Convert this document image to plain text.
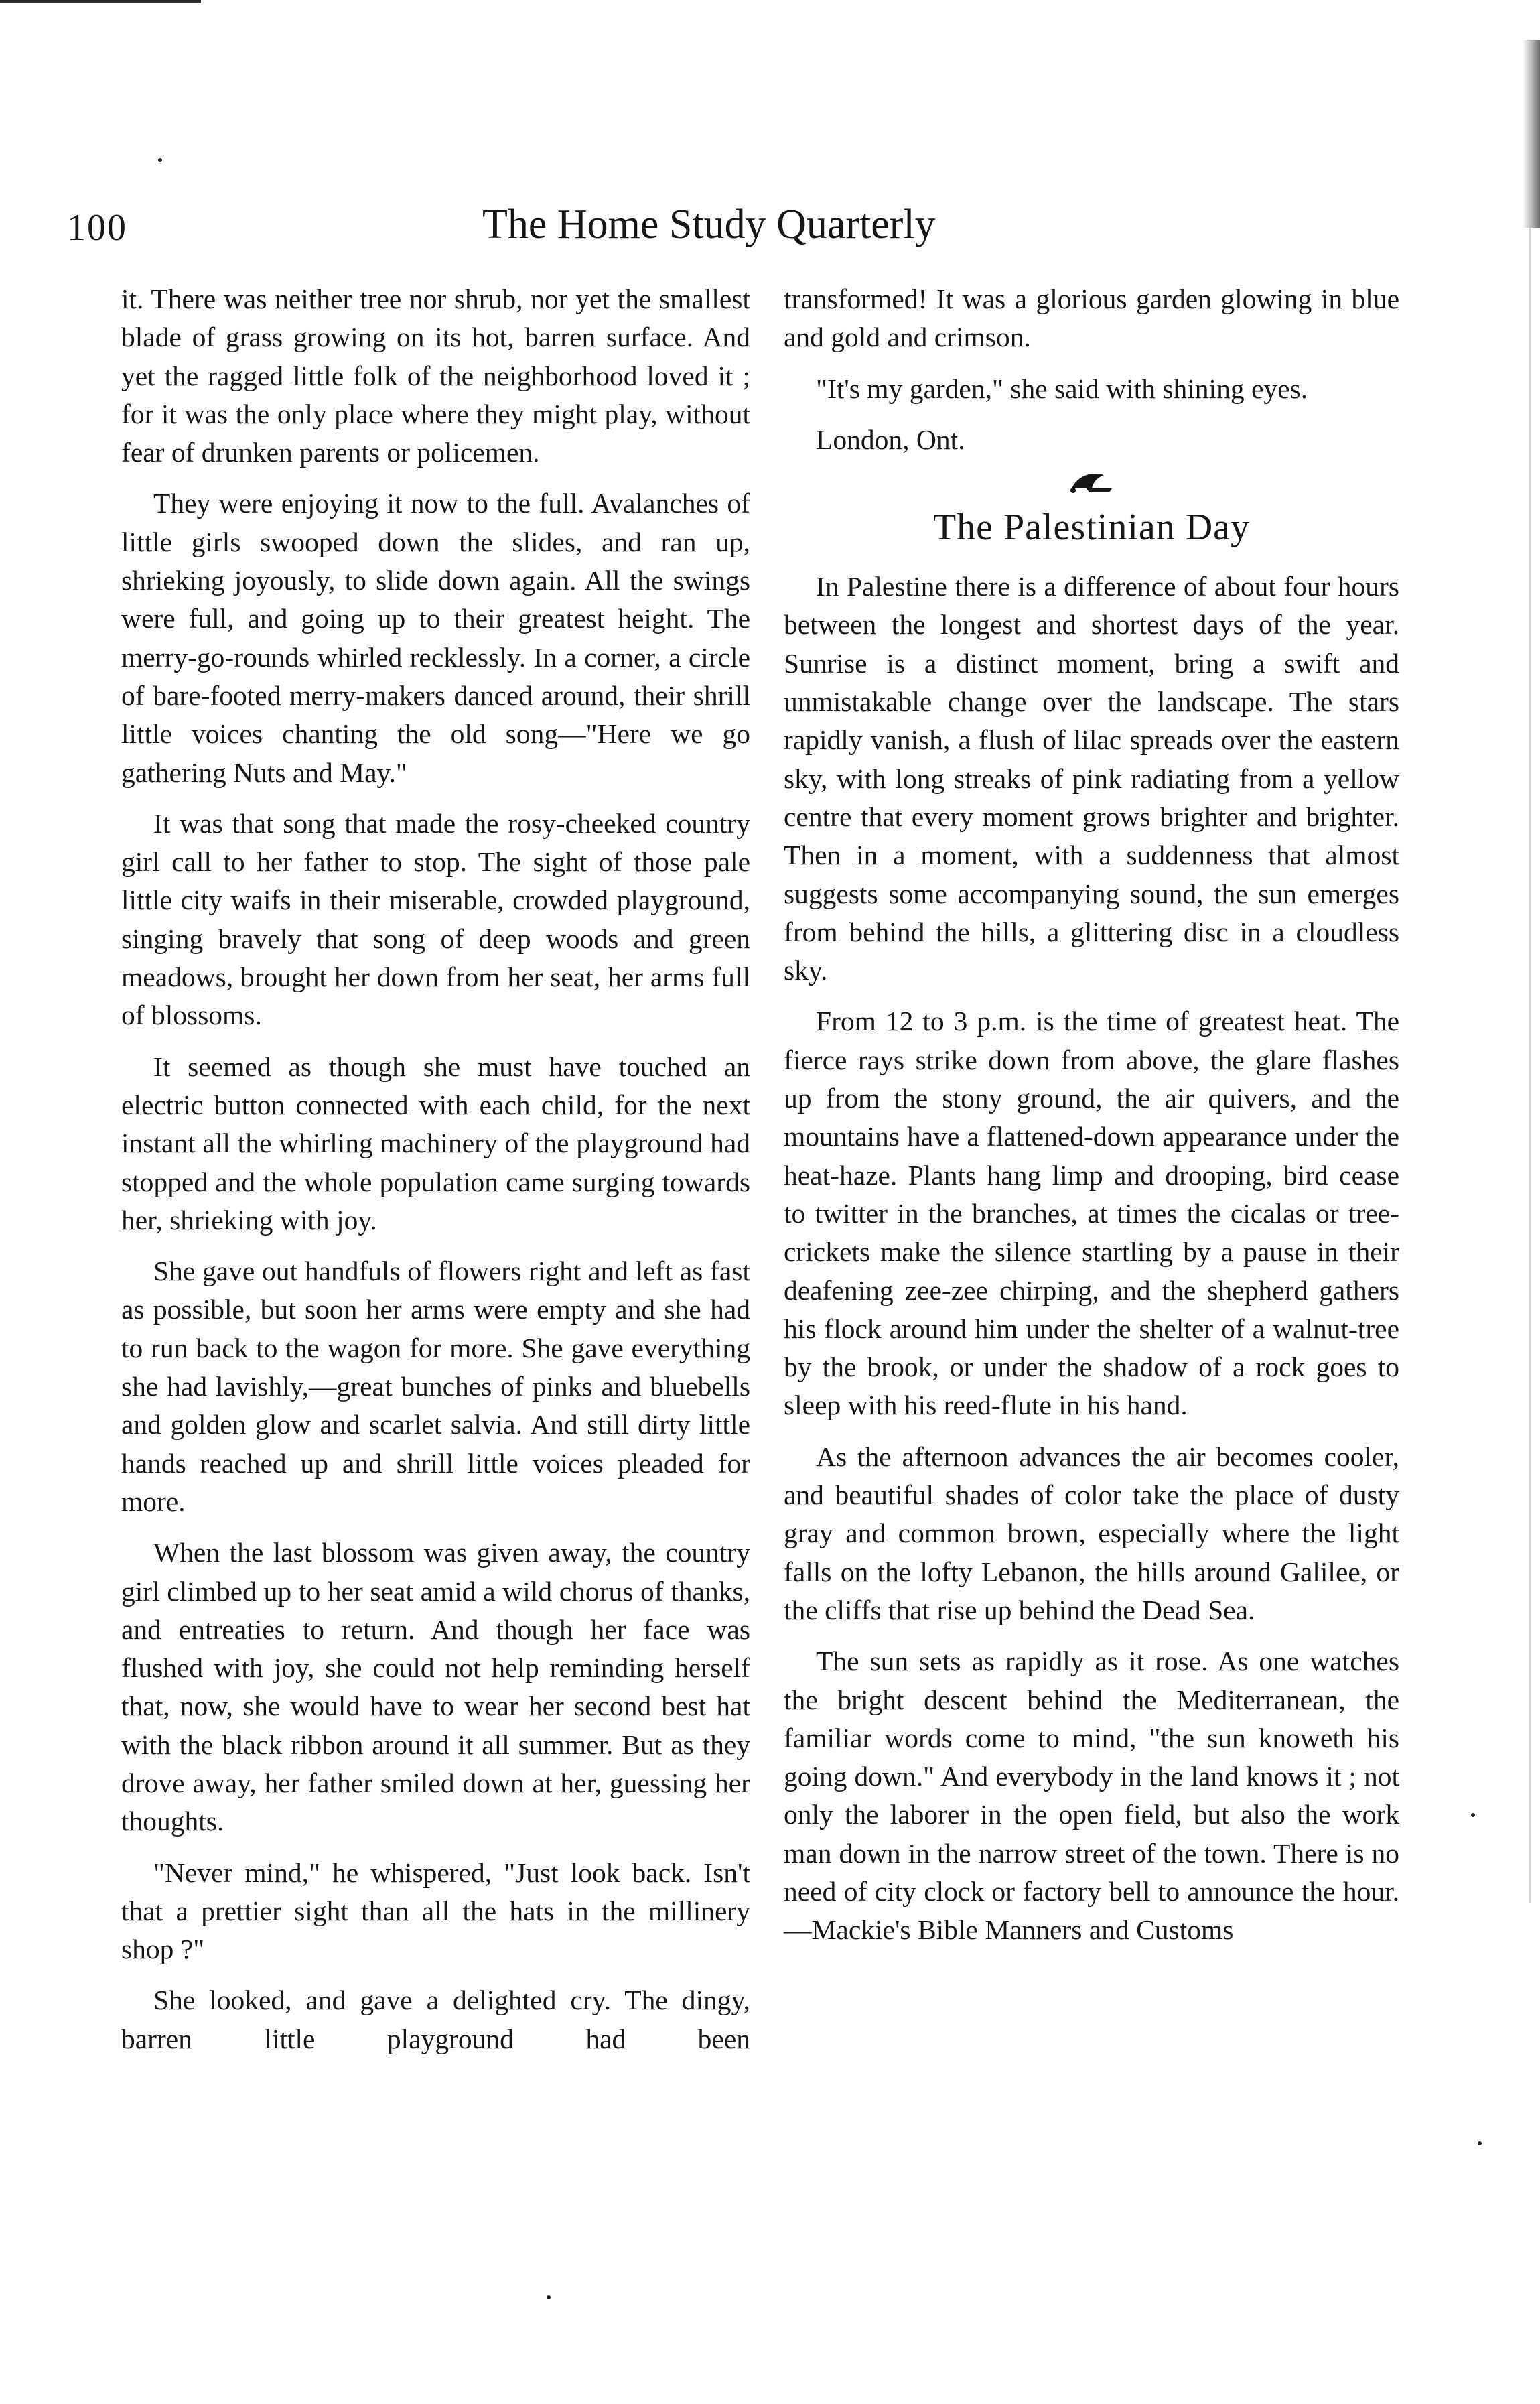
100	The Home Study Quarterly

it. There was neither tree nor shrub, nor yet the smallest blade of grass growing on its hot, barren surface. And yet the ragged little folk of the neighborhood loved it ; for it was the only place where they might play, without fear of drunken parents or policemen.

They were enjoying it now to the full. Avalanches of little girls swooped down the slides, and ran up, shrieking joyously, to slide down again. All the swings were full, and going up to their greatest height. The merry-go-rounds whirled recklessly. In a corner, a circle of bare-footed merry-makers danced around, their shrill little voices chanting the old song—"Here we go gathering Nuts and May."

It was that song that made the rosy-cheeked country girl call to her father to stop. The sight of those pale little city waifs in their miserable, crowded playground, singing bravely that song of deep woods and green meadows, brought her down from her seat, her arms full of blossoms.

It seemed as though she must have touched an electric button connected with each child, for the next instant all the whirling machinery of the playground had stopped and the whole population came surging towards her, shrieking with joy.

She gave out handfuls of flowers right and left as fast as possible, but soon her arms were empty and she had to run back to the wagon for more. She gave everything she had lavishly,—great bunches of pinks and bluebells and golden glow and scarlet salvia. And still dirty little hands reached up and shrill little voices pleaded for more.

When the last blossom was given away, the country girl climbed up to her seat amid a wild chorus of thanks, and entreaties to return. And though her face was flushed with joy, she could not help reminding herself that, now, she would have to wear her second best hat with the black ribbon around it all summer. But as they drove away, her father smiled down at her, guessing her thoughts.

"Never mind," he whispered, "Just look back. Isn't that a prettier sight than all the hats in the millinery shop ?"

She looked, and gave a delighted cry. The dingy, barren little playground had been

transformed! It was a glorious garden glowing in blue and gold and crimson.

"It's my garden," she said with shining eyes.

London, Ont.

The Palestinian Day

In Palestine there is a difference of about four hours between the longest and shortest days of the year. Sunrise is a distinct moment, bring a swift and unmistakable change over the landscape. The stars rapidly vanish, a flush of lilac spreads over the eastern sky, with long streaks of pink radiating from a yellow centre that every moment grows brighter and brighter. Then in a moment, with a suddenness that almost suggests some accompanying sound, the sun emerges from behind the hills, a glittering disc in a cloudless sky.

From 12 to 3 p.m. is the time of greatest heat. The fierce rays strike down from above, the glare flashes up from the stony ground, the air quivers, and the mountains have a flattened-down appearance under the heat-haze. Plants hang limp and drooping, bird cease to twitter in the branches, at times the cicalas or tree-crickets make the silence startling by a pause in their deafening zee-zee chirping, and the shepherd gathers his flock around him under the shelter of a walnut-tree by the brook, or under the shadow of a rock goes to sleep with his reed-flute in his hand.

As the afternoon advances the air becomes cooler, and beautiful shades of color take the place of dusty gray and common brown, especially where the light falls on the lofty Lebanon, the hills around Galilee, or the cliffs that rise up behind the Dead Sea.

The sun sets as rapidly as it rose. As one watches the bright descent behind the Mediterranean, the familiar words come to mind, "the sun knoweth his going down." And everybody in the land knows it ; not only the laborer in the open field, but also the work man down in the narrow street of the town. There is no need of city clock or factory bell to announce the hour.—Mackie's Bible Manners and Customs
